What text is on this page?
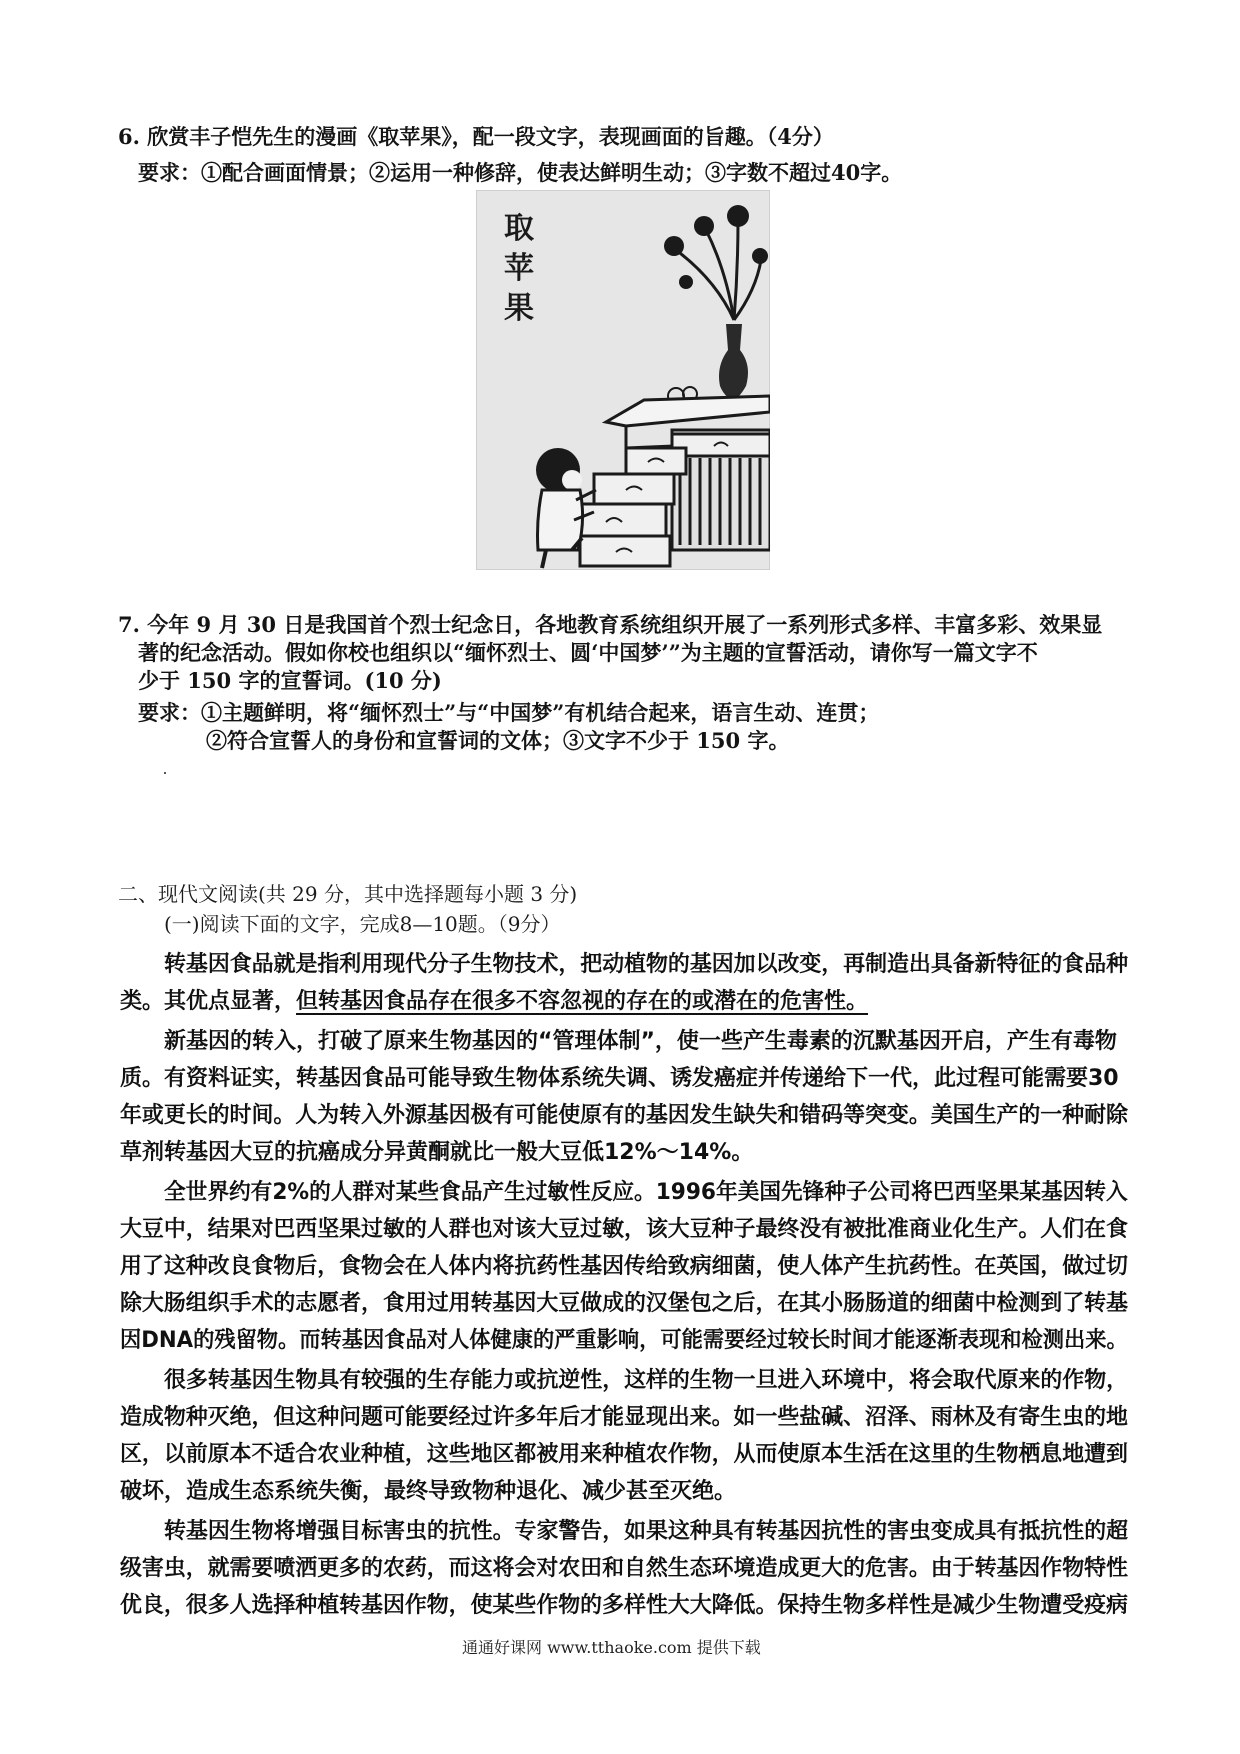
6. 欣赏丰子恺先生的漫画《取苹果》，配一段文字，表现画面的旨趣。（4分）
要求：①配合画面情景；②运用一种修辞，使表达鲜明生动；③字数不超过40字。
取
苹
果
7. 今年 9 月 30 日是我国首个烈士纪念日，各地教育系统组织开展了一系列形式多样、丰富多彩、效果显
著的纪念活动。假如你校也组织以“缅怀烈士、圆‘中国梦’”为主题的宣誓活动，请你写一篇文字不
少于 150 字的宣誓词。(10 分)
要求：①主题鲜明，将“缅怀烈士”与“中国梦”有机结合起来，语言生动、连贯；
②符合宣誓人的身份和宣誓词的文体；③文字不少于 150 字。
二、现代文阅读(共 29 分，其中选择题每小题 3 分)
(一)阅读下面的文字，完成8—10题。（9分）
转基因食品就是指利用现代分子生物技术，把动植物的基因加以改变，再制造出具备新特征的食品种
类。其优点显著，但转基因食品存在很多不容忽视的存在的或潜在的危害性。
新基因的转入，打破了原来生物基因的“管理体制”，使一些产生毒素的沉默基因开启，产生有毒物
质。有资料证实，转基因食品可能导致生物体系统失调、诱发癌症并传递给下一代，此过程可能需要30
年或更长的时间。人为转入外源基因极有可能使原有的基因发生缺失和错码等突变。美国生产的一种耐除
草剂转基因大豆的抗癌成分异黄酮就比一般大豆低12%～14%。
全世界约有2%的人群对某些食品产生过敏性反应。1996年美国先锋种子公司将巴西坚果某基因转入
大豆中，结果对巴西坚果过敏的人群也对该大豆过敏，该大豆种子最终没有被批准商业化生产。人们在食
用了这种改良食物后，食物会在人体内将抗药性基因传给致病细菌，使人体产生抗药性。在英国，做过切
除大肠组织手术的志愿者，食用过用转基因大豆做成的汉堡包之后，在其小肠肠道的细菌中检测到了转基
因DNA的残留物。而转基因食品对人体健康的严重影响，可能需要经过较长时间才能逐渐表现和检测出来。
很多转基因生物具有较强的生存能力或抗逆性，这样的生物一旦进入环境中，将会取代原来的作物，
造成物种灭绝，但这种问题可能要经过许多年后才能显现出来。如一些盐碱、沼泽、雨林及有寄生虫的地
区，以前原本不适合农业种植，这些地区都被用来种植农作物，从而使原本生活在这里的生物栖息地遭到
破坏，造成生态系统失衡，最终导致物种退化、减少甚至灭绝。
转基因生物将增强目标害虫的抗性。专家警告，如果这种具有转基因抗性的害虫变成具有抵抗性的超
级害虫，就需要喷洒更多的农药，而这将会对农田和自然生态环境造成更大的危害。由于转基因作物特性
优良，很多人选择种植转基因作物，使某些作物的多样性大大降低。保持生物多样性是减少生物遭受疫病
通通好课网 www.tthaoke.com 提供下载
